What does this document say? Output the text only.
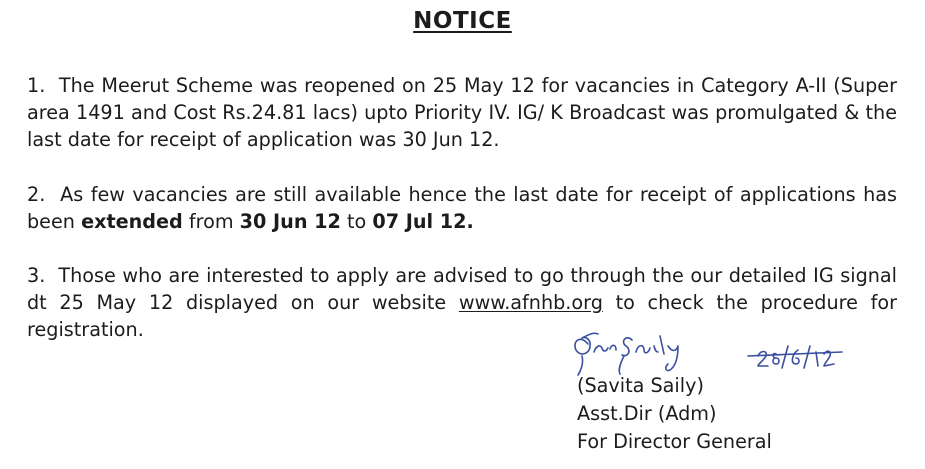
NOTICE
1. The Meerut Scheme was reopened on 25 May 12 for vacancies in Category A-II (Super area 1491 and Cost Rs.24.81 lacs) upto Priority IV. IG/ K Broadcast was promulgated & the last date for receipt of application was 30 Jun 12.
2. As few vacancies are still available hence the last date for receipt of applications has been extended from 30 Jun 12 to 07 Jul 12.
3. Those who are interested to apply are advised to go through the our detailed IG signal dt 25 May 12 displayed on our website www.afnhb.org to check the procedure for registration.
(Savita Saily)
Asst.Dir (Adm)
For Director General
